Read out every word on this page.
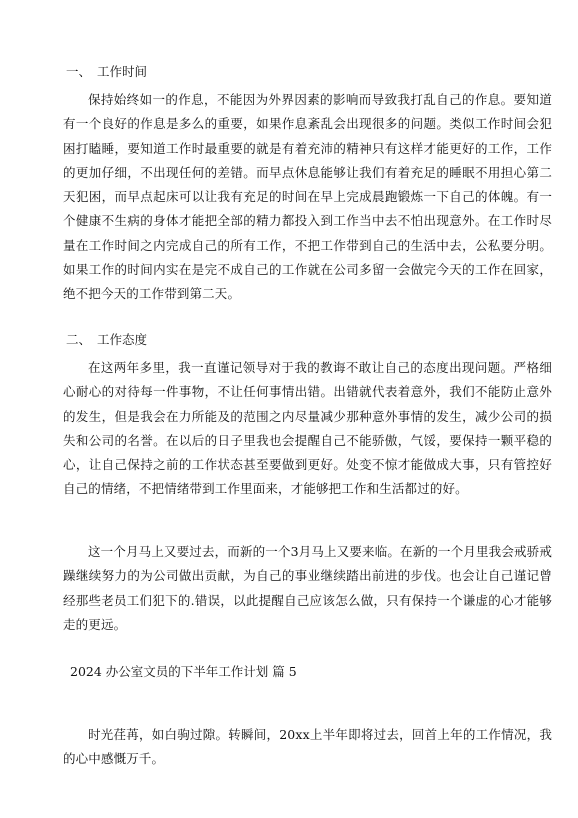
一、 工作时间

保持始终如一的作息，不能因为外界因素的影响而导致我打乱自己的作息。要知道有一个良好的作息是多么的重要，如果作息紊乱会出现很多的问题。类似工作时间会犯困打瞌睡，要知道工作时最重要的就是有着充沛的精神只有这样才能更好的工作，工作的更加仔细，不出现任何的差错。而早点休息能够让我们有着充足的睡眠不用担心第二天犯困，而早点起床可以让我有充足的时间在早上完成晨跑锻炼一下自己的体魄。有一个健康不生病的身体才能把全部的精力都投入到工作当中去不怕出现意外。在工作时尽量在工作时间之内完成自己的所有工作，不把工作带到自己的生活中去，公私要分明。如果工作的时间内实在是完不成自己的工作就在公司多留一会做完今天的工作在回家，绝不把今天的工作带到第二天。

二、 工作态度

在这两年多里，我一直谨记领导对于我的教诲不敢让自己的态度出现问题。严格细心耐心的对待每一件事物，不让任何事情出错。出错就代表着意外，我们不能防止意外的发生，但是我会在力所能及的范围之内尽量减少那种意外事情的发生，减少公司的损失和公司的名誉。在以后的日子里我也会提醒自己不能骄傲，气馁，要保持一颗平稳的心，让自己保持之前的工作状态甚至要做到更好。处变不惊才能做成大事，只有管控好自己的情绪，不把情绪带到工作里面来，才能够把工作和生活都过的好。

这一个月马上又要过去，而新的一个3月马上又要来临。在新的一个月里我会戒骄戒躁继续努力的为公司做出贡献，为自己的事业继续踏出前进的步伐。也会让自己谨记曾经那些老员工们犯下的.错误，以此提醒自己应该怎么做，只有保持一个谦虚的心才能够走的更远。

2024 办公室文员的下半年工作计划 篇 5

时光荏苒，如白驹过隙。转瞬间，20xx上半年即将过去，回首上年的工作情况，我的心中感慨万千。
